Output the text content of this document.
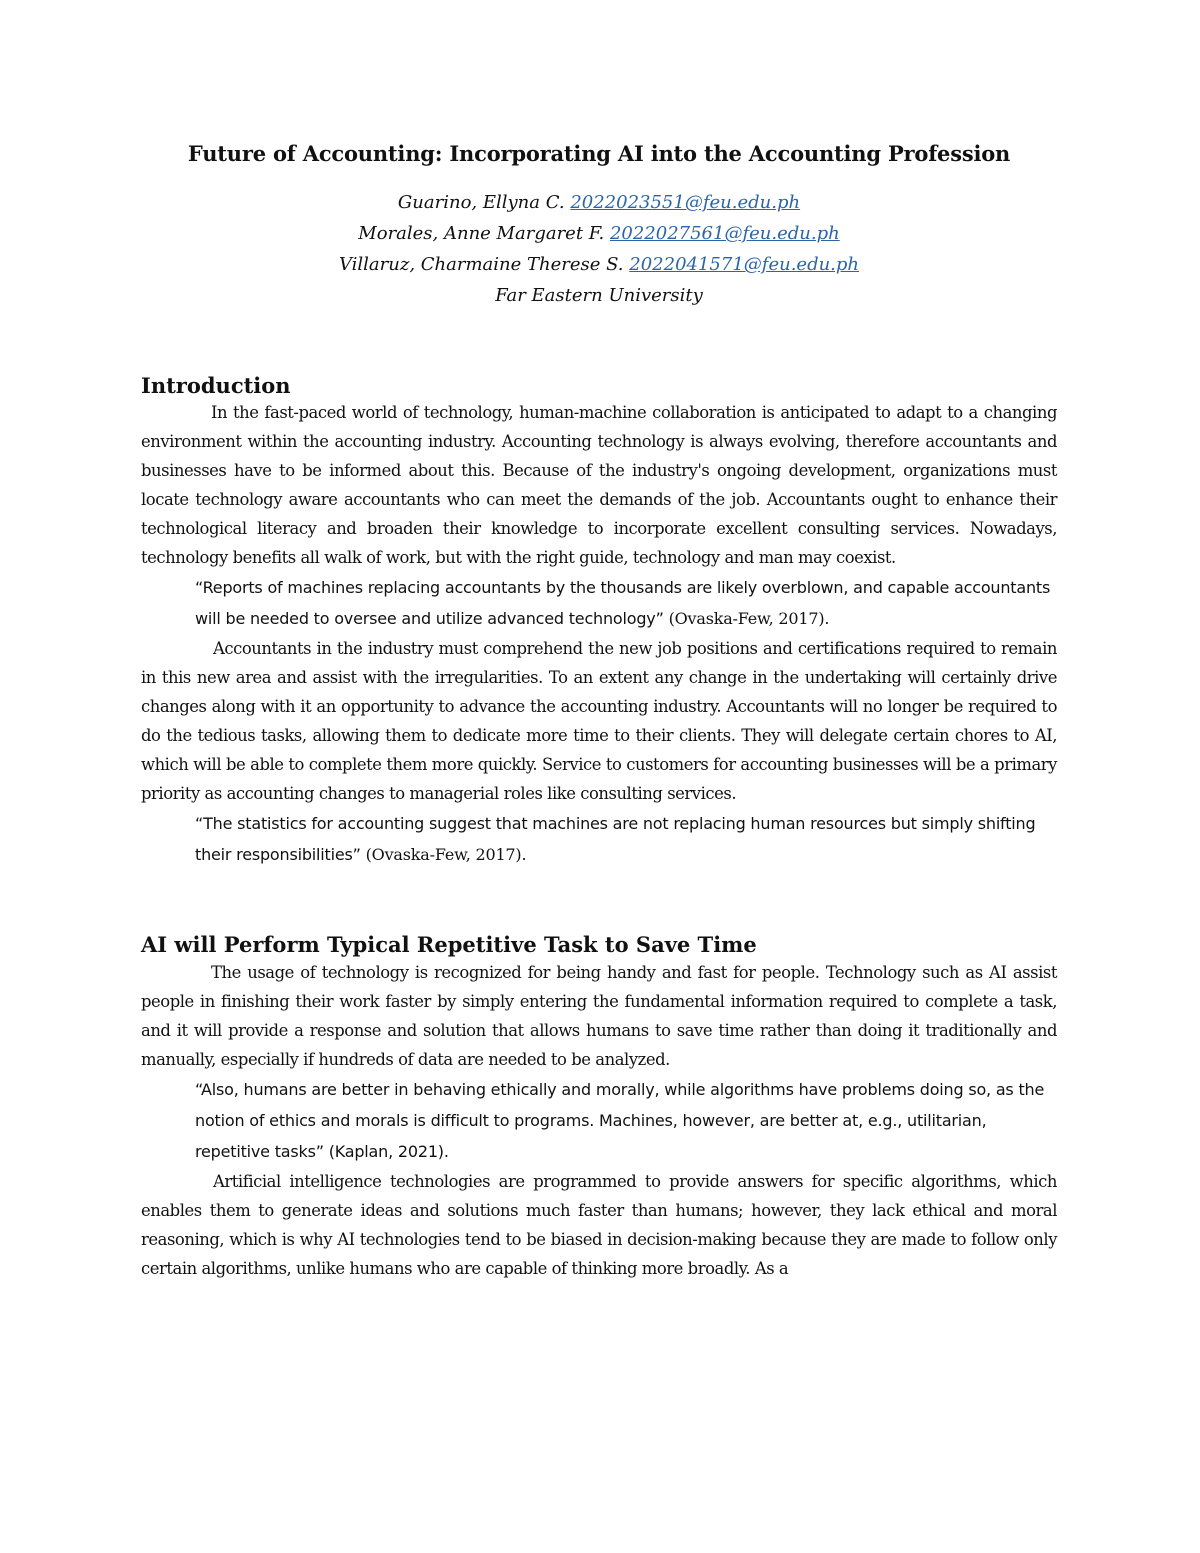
Future of Accounting: Incorporating AI into the Accounting Profession
Guarino, Ellyna C. 2022023551@feu.edu.ph
Morales, Anne Margaret F. 2022027561@feu.edu.ph
Villaruz, Charmaine Therese S. 2022041571@feu.edu.ph
Far Eastern University
Introduction

In the fast-paced world of technology, human-machine collaboration is anticipated to adapt to a changing environment within the accounting industry. Accounting technology is always evolving, therefore accountants and businesses have to be informed about this. Because of the industry's ongoing development, organizations must locate technology aware accountants who can meet the demands of the job. Accountants ought to enhance their technological literacy and broaden their knowledge to incorporate excellent consulting services. Nowadays, technology benefits all walk of work, but with the right guide, technology and man may coexist.

“Reports of machines replacing accountants by the thousands are likely overblown, and capable accountants will be needed to oversee and utilize advanced technology” (Ovaska-Few, 2017).

Accountants in the industry must comprehend the new job positions and certifications required to remain in this new area and assist with the irregularities. To an extent any change in the undertaking will certainly drive changes along with it an opportunity to advance the accounting industry. Accountants will no longer be required to do the tedious tasks, allowing them to dedicate more time to their clients. They will delegate certain chores to AI, which will be able to complete them more quickly. Service to customers for accounting businesses will be a primary priority as accounting changes to managerial roles like consulting services.

“The statistics for accounting suggest that machines are not replacing human resources but simply shifting their responsibilities” (Ovaska-Few, 2017).

AI will Perform Typical Repetitive Task to Save Time

The usage of technology is recognized for being handy and fast for people. Technology such as AI assist people in finishing their work faster by simply entering the fundamental information required to complete a task, and it will provide a response and solution that allows humans to save time rather than doing it traditionally and manually, especially if hundreds of data are needed to be analyzed.

“Also, humans are better in behaving ethically and morally, while algorithms have problems doing so, as the notion of ethics and morals is difficult to programs. Machines, however, are better at, e.g., utilitarian, repetitive tasks” (Kaplan, 2021).

Artificial intelligence technologies are programmed to provide answers for specific algorithms, which enables them to generate ideas and solutions much faster than humans; however, they lack ethical and moral reasoning, which is why AI technologies tend to be biased in decision-making because they are made to follow only certain algorithms, unlike humans who are capable of thinking more broadly. As a
